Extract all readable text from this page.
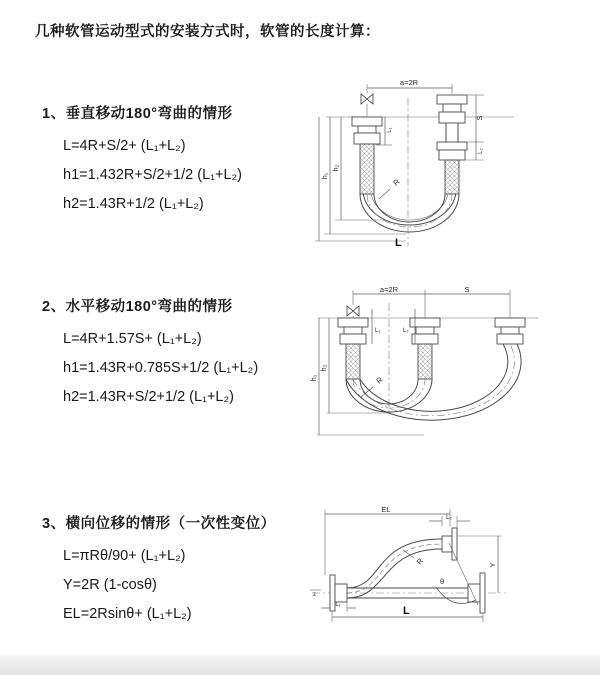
几种软管运动型式的安装方式时，软管的长度计算：
1、垂直移动180°弯曲的情形
L=4R+S/2+ (L₁+L₂)
h1=1.432R+S/2+1/2 (L₁+L₂)
h2=1.43R+1/2 (L₁+L₂)
2、水平移动180°弯曲的情形
L=4R+1.57S+ (L₁+L₂)
h1=1.43R+0.785S+1/2 (L₁+L₂)
h2=1.43R+S/2+1/2 (L₁+L₂)
3、横向位移的情形（一次性变位）
L=πRθ/90+ (L₁+L₂)
Y=2R (1-cosθ)
EL=2Rsinθ+ (L₁+L₂)
a=2R
L₁
S
L₂
h₁
h₂
R
L
a=2R	S
L₁	L₂
h₁
h₂
R
z
θ
R
EL
L₂
Y
L₁	L
